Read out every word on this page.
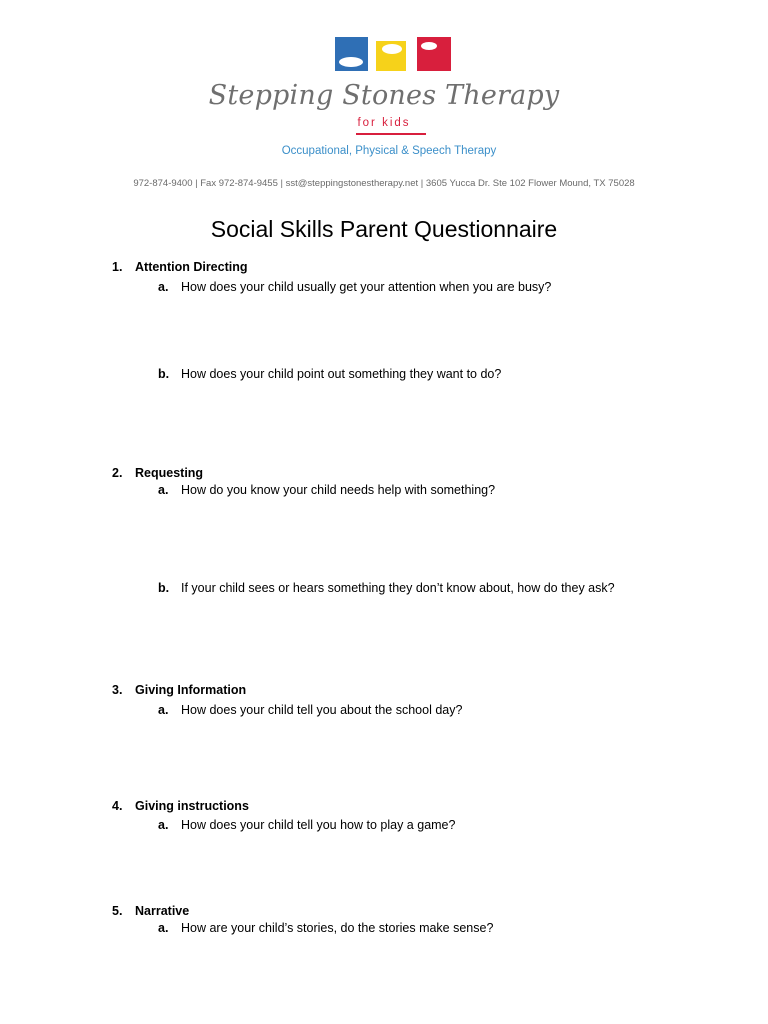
Stepping Stones Therapy
for kids
Occupational, Physical & Speech Therapy
972-874-9400 | Fax 972-874-9455 | sst@steppingstonestherapy.net | 3605 Yucca Dr. Ste 102 Flower Mound, TX 75028
Social Skills Parent Questionnaire
1. Attention Directing
a. How does your child usually get your attention when you are busy?
b. How does your child point out something they want to do?
2. Requesting
a. How do you know your child needs help with something?
b. If your child sees or hears something they don’t know about, how do they ask?
3. Giving Information
a. How does your child tell you about the school day?
4. Giving instructions
a. How does your child tell you how to play a game?
5. Narrative
a. How are your child’s stories, do the stories make sense?
